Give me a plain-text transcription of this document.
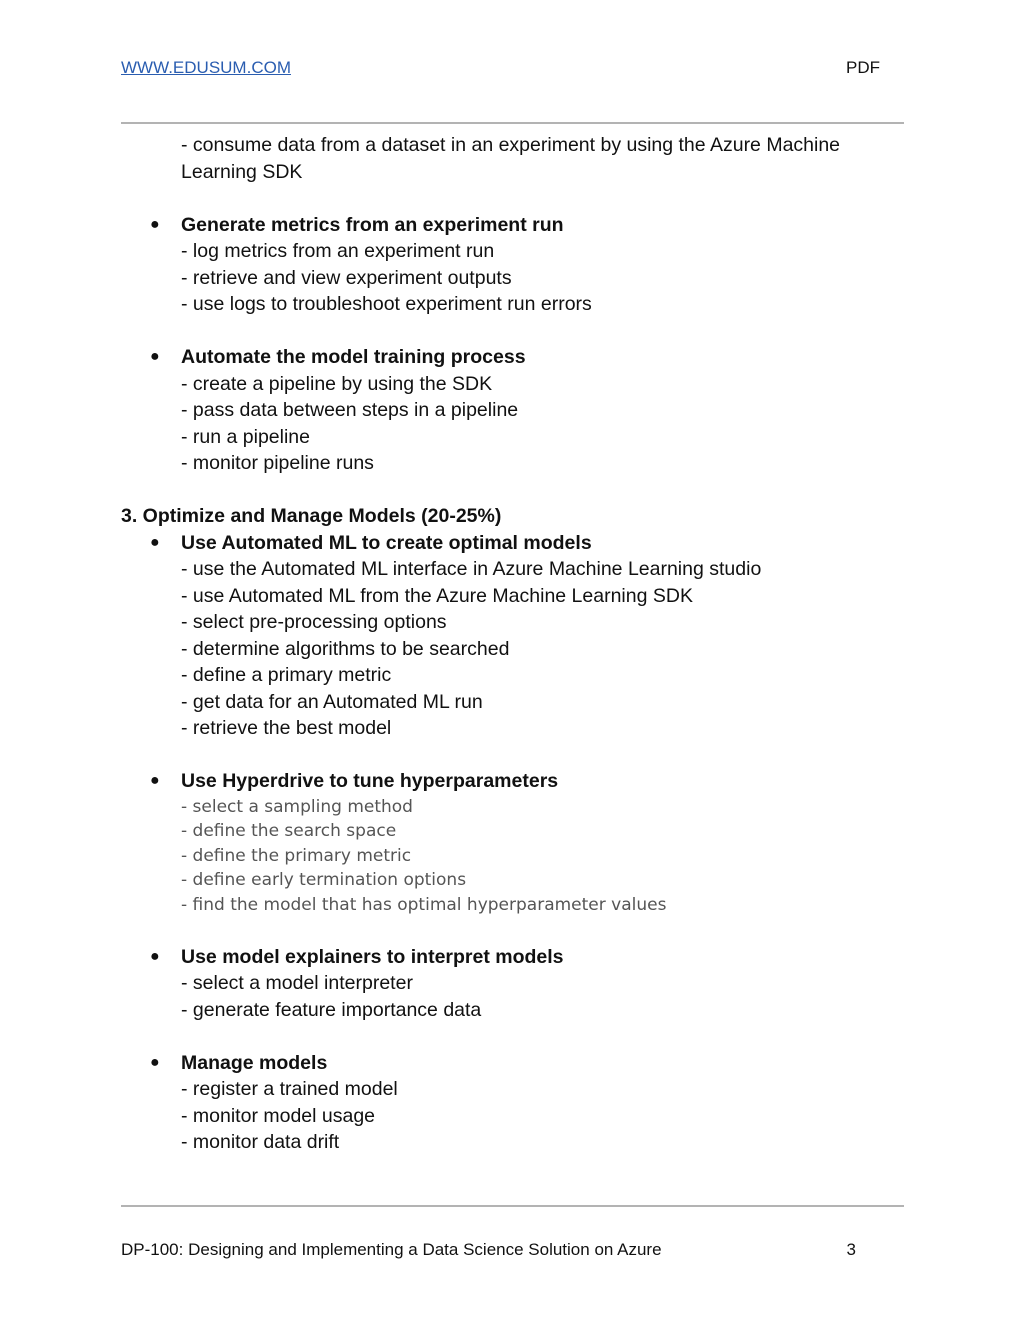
WWW.EDUSUM.COM	PDF
- consume data from a dataset in an experiment by using the Azure Machine
Learning SDK
● Generate metrics from an experiment run
- log metrics from an experiment run
- retrieve and view experiment outputs
- use logs to troubleshoot experiment run errors
● Automate the model training process
- create a pipeline by using the SDK
- pass data between steps in a pipeline
- run a pipeline
- monitor pipeline runs
3. Optimize and Manage Models (20-25%)
● Use Automated ML to create optimal models
- use the Automated ML interface in Azure Machine Learning studio
- use Automated ML from the Azure Machine Learning SDK
- select pre-processing options
- determine algorithms to be searched
- define a primary metric
- get data for an Automated ML run
- retrieve the best model
● Use Hyperdrive to tune hyperparameters
- select a sampling method
- define the search space
- define the primary metric
- define early termination options
- find the model that has optimal hyperparameter values
● Use model explainers to interpret models
- select a model interpreter
- generate feature importance data
● Manage models
- register a trained model
- monitor model usage
- monitor data drift
DP-100: Designing and Implementing a Data Science Solution on Azure	3
